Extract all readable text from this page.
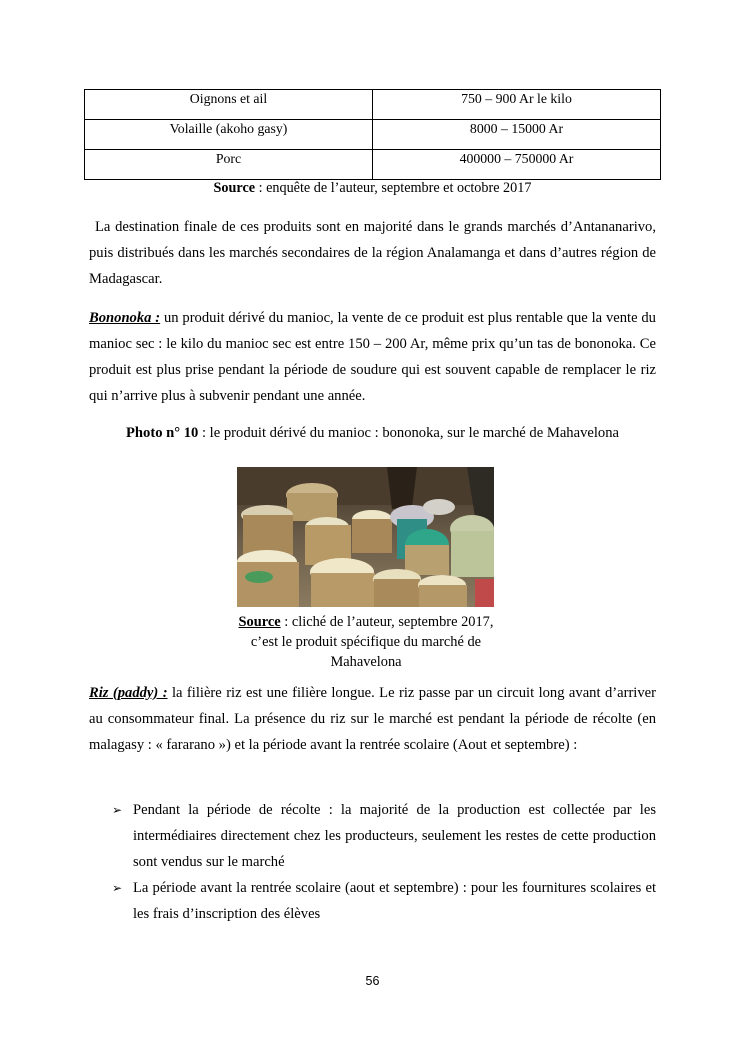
Oignons et ail	750 – 900 Ar le kilo
Volaille (akoho gasy)	8000 – 15000 Ar
Porc	400000 – 750000 Ar
Source : enquête de l’auteur, septembre et octobre 2017
La destination finale de ces produits sont en majorité dans le grands marchés d’Antananarivo, puis distribués dans les marchés secondaires de la région Analamanga et dans d’autres région de Madagascar.
Bononoka : un produit dérivé du manioc, la vente de ce produit est plus rentable que la vente du manioc sec : le kilo du manioc sec est entre 150 – 200 Ar, même prix qu’un tas de bononoka. Ce produit est plus prise pendant la période de soudure qui est souvent capable de remplacer le riz qui n’arrive plus à subvenir pendant une année.
Photo n° 10 : le produit dérivé du manioc : bononoka, sur le marché de Mahavelona
Source : cliché de l’auteur, septembre 2017,
c’est le produit spécifique du marché de
Mahavelona
Riz (paddy) : la filière riz est une filière longue. Le riz passe par un circuit long avant d’arriver au consommateur final. La présence du riz sur le marché est pendant la période de récolte (en malagasy : « fararano ») et la période avant la rentrée scolaire (Aout et septembre) :
➢ Pendant la période de récolte : la majorité de la production est collectée par les intermédiaires directement chez les producteurs, seulement les restes de cette production sont vendus sur le marché
➢ La période avant la rentrée scolaire (aout et septembre) : pour les fournitures scolaires et les frais d’inscription des élèves
56
